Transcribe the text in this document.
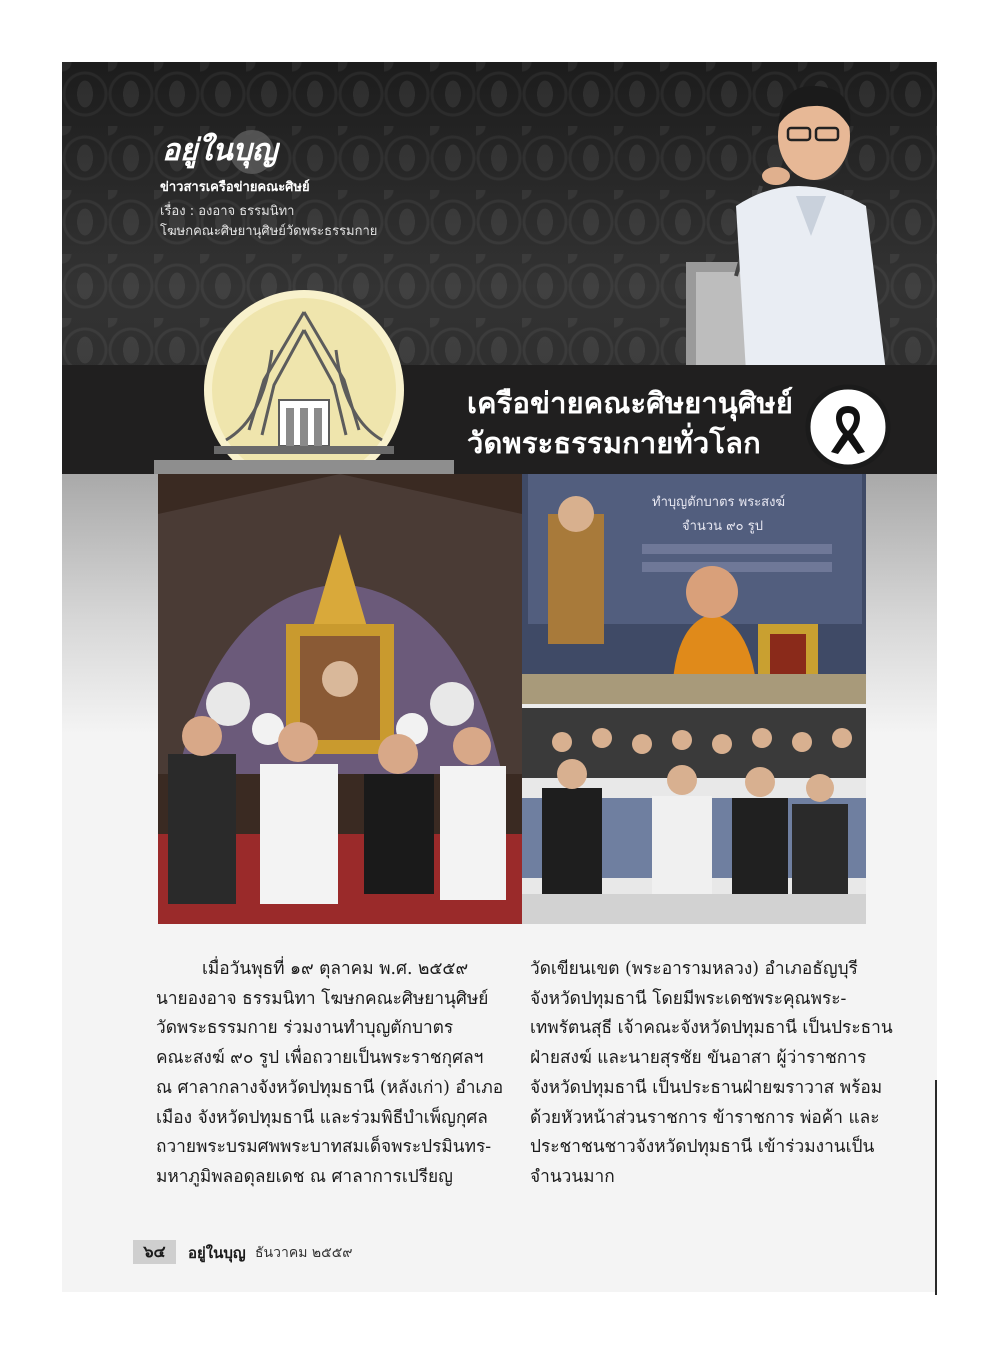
อยู่ในบุญ
ข่าวสารเครือข่ายคณะศิษย์
เรื่อง : องอาจ ธรรมนิทา
โฆษกคณะศิษยานุศิษย์วัดพระธรรมกาย
เครือข่ายคณะศิษยานุศิษย์
วัดพระธรรมกายทั่วโลก
ทำบุญตักบาตร พระสงฆ์
จำนวน ๙๐ รูป
เมื่อวันพุธที่ ๑๙ ตุลาคม พ.ศ. ๒๕๕๙
นายองอาจ ธรรมนิทา โฆษกคณะศิษยานุศิษย์
วัดพระธรรมกาย ร่วมงานทำบุญตักบาตร
คณะสงฆ์ ๙๐ รูป เพื่อถวายเป็นพระราชกุศลฯ
ณ ศาลากลางจังหวัดปทุมธานี (หลังเก่า) อำเภอ
เมือง จังหวัดปทุมธานี และร่วมพิธีบำเพ็ญกุศล
ถวายพระบรมศพพระบาทสมเด็จพระปรมินทร-
มหาภูมิพลอดุลยเดช ณ ศาลาการเปรียญ
วัดเขียนเขต (พระอารามหลวง) อำเภอธัญบุรี
จังหวัดปทุมธานี โดยมีพระเดชพระคุณพระ-
เทพรัตนสุธี เจ้าคณะจังหวัดปทุมธานี เป็นประธาน
ฝ่ายสงฆ์ และนายสุรชัย ขันอาสา ผู้ว่าราชการ
จังหวัดปทุมธานี เป็นประธานฝ่ายฆราวาส พร้อม
ด้วยหัวหน้าส่วนราชการ ข้าราชการ พ่อค้า และ
ประชาชนชาวจังหวัดปทุมธานี เข้าร่วมงานเป็น
จำนวนมาก
๖๔	อยู่ในบุญ ธันวาคม ๒๕๕๙
